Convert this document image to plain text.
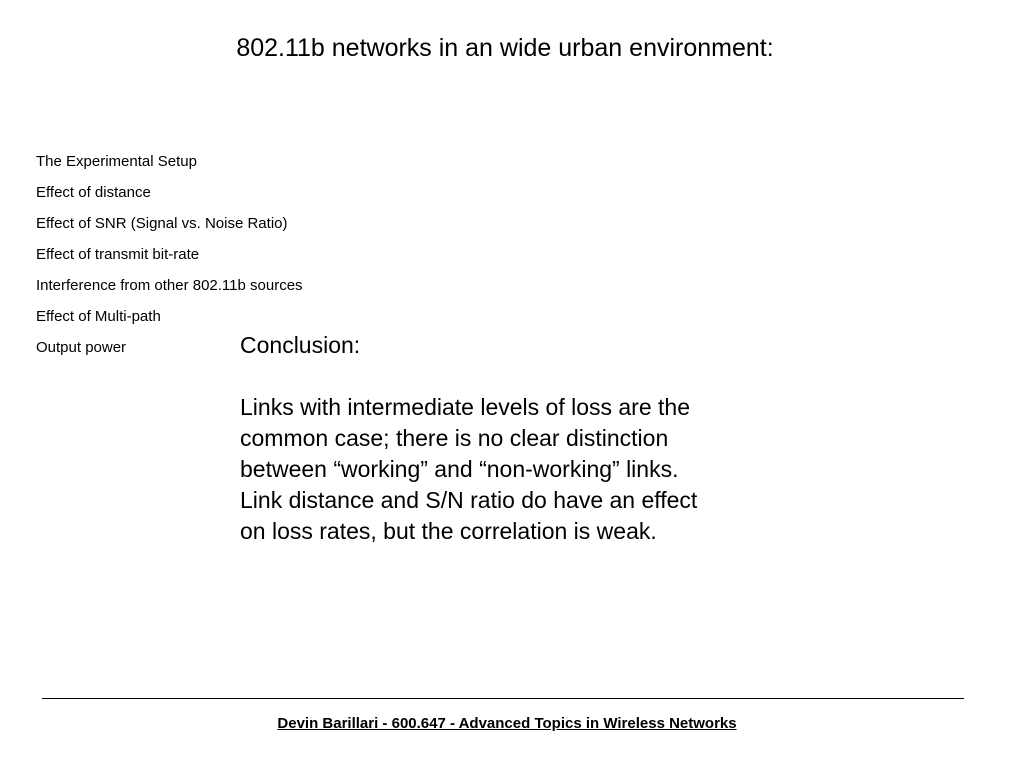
802.11b networks in an wide urban environment:
The Experimental Setup
Effect of distance
Effect of SNR (Signal vs. Noise Ratio)
Effect of transmit bit-rate
Interference from other 802.11b sources
Effect of Multi-path
Output power	Conclusion:
Links with intermediate levels of loss are the
common case; there is no clear distinction
between “working” and “non-working” links.
Link distance and S/N ratio do have an effect
on loss rates, but the correlation is weak.
Devin Barillari - 600.647 - Advanced Topics in Wireless Networks
